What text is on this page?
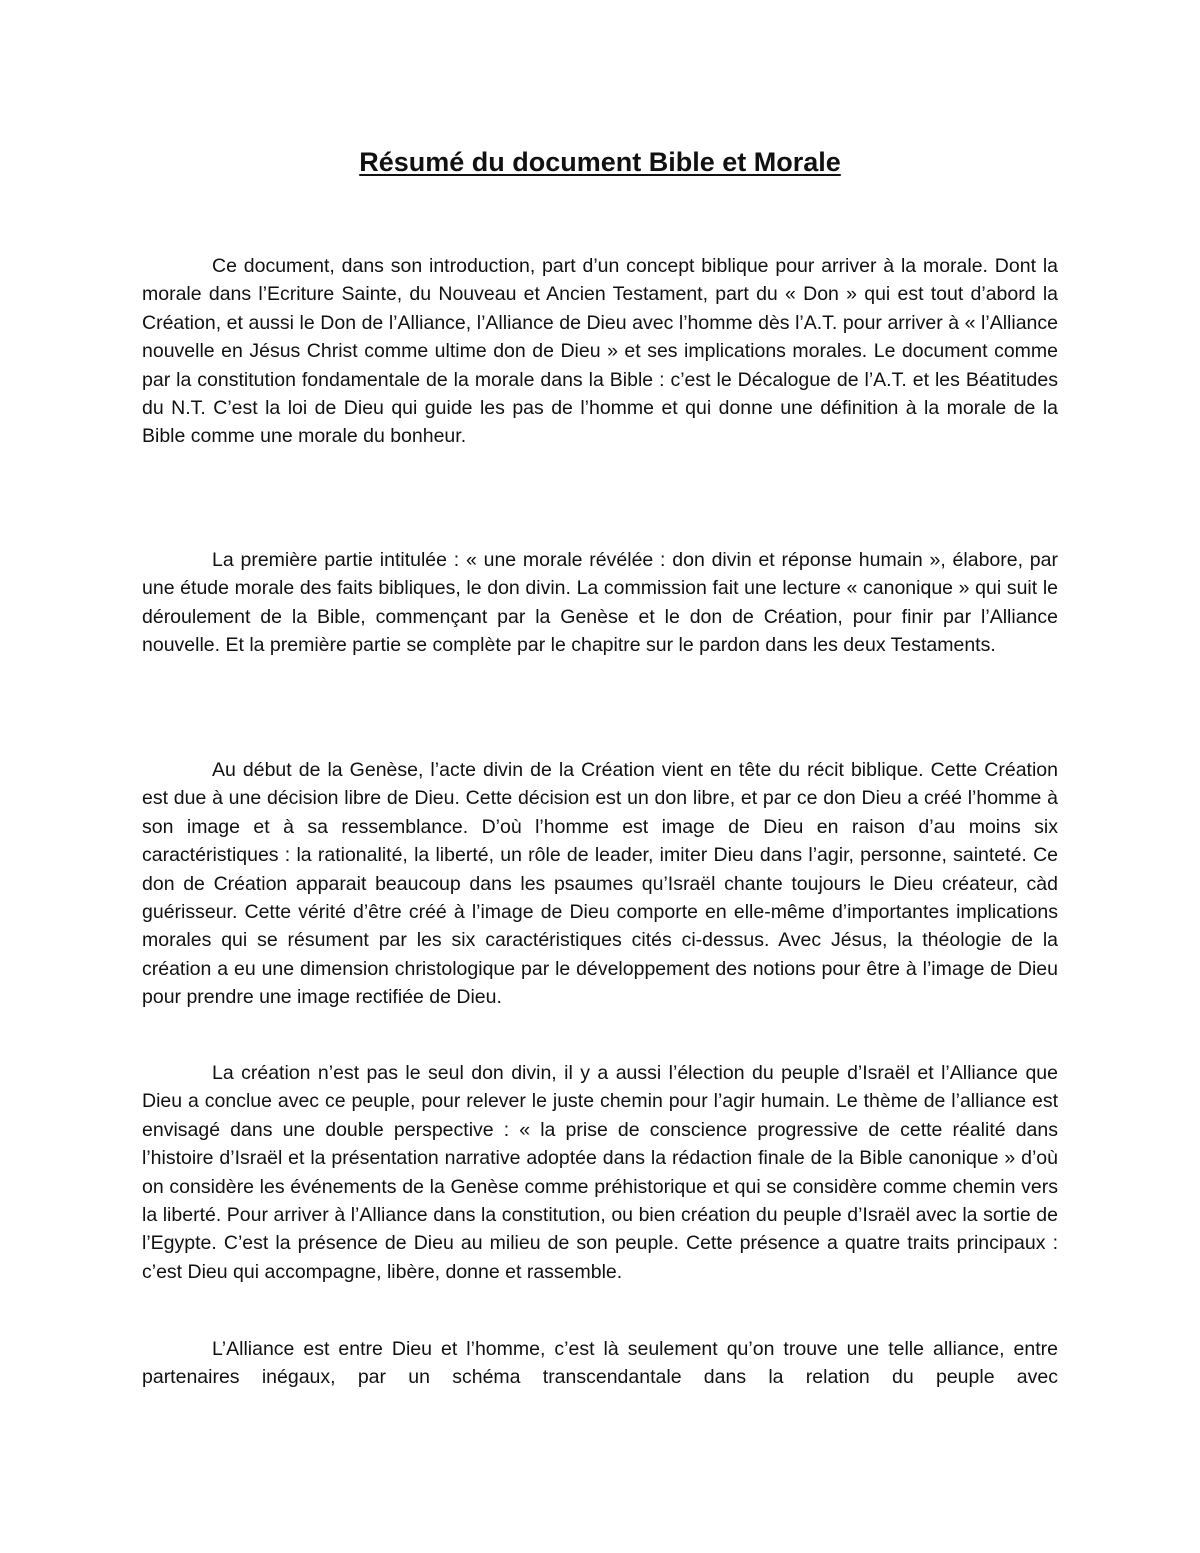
Résumé du document Bible et Morale

Ce document, dans son introduction, part d’un concept biblique pour arriver à la morale. Dont la morale dans l’Ecriture Sainte, du Nouveau et Ancien Testament, part du « Don » qui est tout d’abord la Création, et aussi le Don de l’Alliance, l’Alliance de Dieu avec l’homme dès l’A.T. pour arriver à « l’Alliance nouvelle en Jésus Christ comme ultime don de Dieu » et ses implications morales. Le document comme par la constitution fondamentale de la morale dans la Bible : c’est le Décalogue de l’A.T. et les Béatitudes du N.T. C’est la loi de Dieu qui guide les pas de l’homme et qui donne une définition à la morale de la Bible comme une morale du bonheur.

La première partie intitulée : « une morale révélée : don divin et réponse humain », élabore, par une étude morale des faits bibliques, le don divin. La commission fait une lecture « canonique » qui suit le déroulement de la Bible, commençant par la Genèse et le don de Création, pour finir par l’Alliance nouvelle. Et la première partie se complète par le chapitre sur le pardon dans les deux Testaments.

Au début de la Genèse, l’acte divin de la Création vient en tête du récit biblique. Cette Création est due à une décision libre de Dieu. Cette décision est un don libre, et par ce don Dieu a créé l’homme à son image et à sa ressemblance. D’où l’homme est image de Dieu en raison d’au moins six caractéristiques : la rationalité, la liberté, un rôle de leader, imiter Dieu dans l’agir, personne, sainteté. Ce don de Création apparait beaucoup dans les psaumes qu’Israël chante toujours le Dieu créateur, càd guérisseur. Cette vérité d’être créé à l’image de Dieu comporte en elle-même d’importantes implications morales qui se résument par les six caractéristiques cités ci-dessus. Avec Jésus, la théologie de la création a eu une dimension christologique par le développement des notions pour être à l’image de Dieu pour prendre une image rectifiée de Dieu.

La création n’est pas le seul don divin, il y a aussi l’élection du peuple d’Israël et l’Alliance que Dieu a conclue avec ce peuple, pour relever le juste chemin pour l’agir humain. Le thème de l’alliance est envisagé dans une double perspective : « la prise de conscience progressive de cette réalité dans l’histoire d’Israël et la présentation narrative adoptée dans la rédaction finale de la Bible canonique » d’où on considère les événements de la Genèse comme préhistorique et qui se considère comme chemin vers la liberté. Pour arriver à l’Alliance dans la constitution, ou bien création du peuple d’Israël avec la sortie de l’Egypte. C’est la présence de Dieu au milieu de son peuple. Cette présence a quatre traits principaux : c’est Dieu qui accompagne, libère, donne et rassemble.

L’Alliance est entre Dieu et l’homme, c’est là seulement qu’on trouve une telle alliance, entre partenaires inégaux, par un schéma transcendantale dans la relation du peuple avec
